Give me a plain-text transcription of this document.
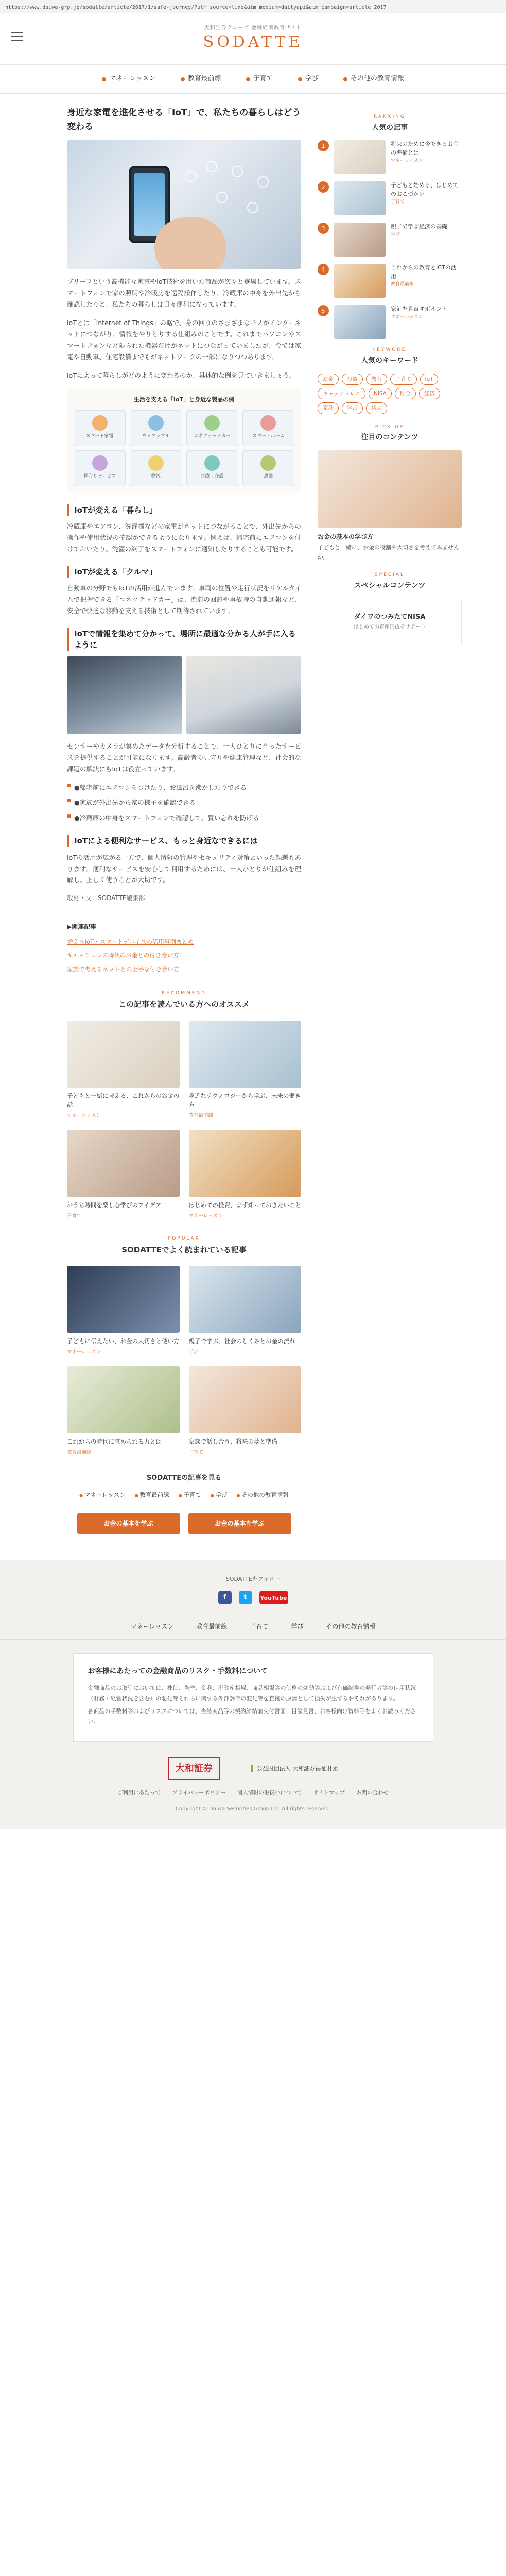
https://www.daiwa-grp.jp/sodatte/article/2017/1/safe-journey/?utm_source=line&utm_medium=dailyapi&utm_campaign=article_2017
大和証券グループ 金融経済教育サイト
SODATTE
マネーレッスン	教育最前線	子育て	学び	その他の教育情報
身近な家電を進化させる「IoT」で、私たちの暮らしはどう変わる

ブリーフという高機能な家電やIoT技術を用いた商品が次々と登場しています。スマートフォンで家の照明や冷暖房を遠隔操作したり、冷蔵庫の中身を外出先から確認したりと、私たちの暮らしは日々便利になっています。

IoTとは「Internet of Things」の略で、身の回りのさまざまなモノがインターネットにつながり、情報をやりとりする仕組みのことです。これまでパソコンやスマートフォンなど限られた機器だけがネットにつながっていましたが、今では家電や自動車、住宅設備までもがネットワークの一部になりつつあります。

IoTによって暮らしがどのように変わるのか、具体的な例を見ていきましょう。

生活を支える「IoT」と身近な製品の例
スマート家電	ウェアラブル	コネクテッドカー	スマートホーム
見守りサービス	物流	医療・介護	農業
IoTが変える「暮らし」

冷蔵庫やエアコン、洗濯機などの家電がネットにつながることで、外出先からの操作や使用状況の確認ができるようになります。例えば、帰宅前にエアコンを付けておいたり、洗濯の終了をスマートフォンに通知したりすることも可能です。

IoTが変える「クルマ」

自動車の分野でもIoTの活用が進んでいます。車両の位置や走行状況をリアルタイムで把握できる「コネクテッドカー」は、渋滞の回避や事故時の自動通報など、安全で快適な移動を支える技術として期待されています。

IoTで情報を集めて分かって、場所に最適な分かる人が手に入るように

センサーやカメラが集めたデータを分析することで、一人ひとりに合ったサービスを提供することが可能になります。高齢者の見守りや健康管理など、社会的な課題の解決にもIoTは役立っています。

■ ●帰宅前にエアコンをつけたり、お風呂を沸かしたりできる
■ ●家族が外出先から家の様子を確認できる
■ ●冷蔵庫の中身をスマートフォンで確認して、買い忘れを防げる
IoTによる便利なサービス、もっと身近なできるには

IoTの活用が広がる一方で、個人情報の管理やセキュリティ対策といった課題もあります。便利なサービスを安心して利用するためには、一人ひとりが仕組みを理解し、正しく使うことが大切です。

取材・文：SODATTE編集部
▶関連記事
増えるIoT・スマートデバイスの活用事例まとめ
キャッシュレス時代のお金との付き合い方
家族で考えるネットとの上手な付き合い方
RECOMMEND
この記事を読んでいる方へのオススメ
子どもと一緒に考える、これからのお金の話
マネーレッスン
身近なテクノロジーから学ぶ、未来の働き方
教育最前線
おうち時間を楽しむ学びのアイデア
子育て
はじめての投資、まず知っておきたいこと
マネーレッスン
POPULAR
SODATTEでよく読まれている記事
子どもに伝えたい、お金の大切さと使い方
マネーレッスン
親子で学ぶ、社会のしくみとお金の流れ
学び
これからの時代に求められる力とは
教育最前線
家族で話し合う、将来の夢と準備
子育て
SODATTEの記事を見る
● マネーレッスン	● 教育最前線	● 子育て	● 学び	● その他の教育情報
お金の基本を学ぶ	お金の基本を学ぶ
RANKING
人気の記事
1	将来のために今できるお金の準備とは
マネーレッスン
2	子どもと始める、はじめてのおこづかい
子育て
3	親子で学ぶ経済の基礎
学び
4	これからの教育とICTの活用
教育最前線
5	家計を見直すポイント
マネーレッスン
KEYWORD
人気のキーワード
お金	投資	教育	子育て	IoT
キャッシュレス	NISA	貯金	経済
家計	学び	将来
PICK UP
注目のコンテンツ
お金の基本の学び方
子どもと一緒に、お金の役割や大切さを考えてみませんか。
SPECIAL
スペシャルコンテンツ
ダイワのつみたてNISA
はじめての資産形成をサポート
SODATTEをフォロー
f	t	YouTube
マネーレッスン	教育最前線	子育て	学び	その他の教育情報
お客様にあたっての金融商品のリスク・手数料について

金融商品のお取引においては、株価、為替、金利、不動産相場、商品相場等の価格の変動等および有価証券の発行者等の信用状況（財務・経営状況を含む）の悪化等それらに関する外部評価の変化等を直接の原因として損失が生ずるおそれがあります。

各商品の手数料等およびリスクについては、当該商品等の契約締結前交付書面、目論見書、お客様向け資料等をよくお読みください。

大和証券	公益財団法人 大和証券福祉財団
ご利用にあたって プライバシーポリシー 個人情報の取扱いについて サイトマップ お問い合わせ
Copyright © Daiwa Securities Group Inc. All rights reserved.
